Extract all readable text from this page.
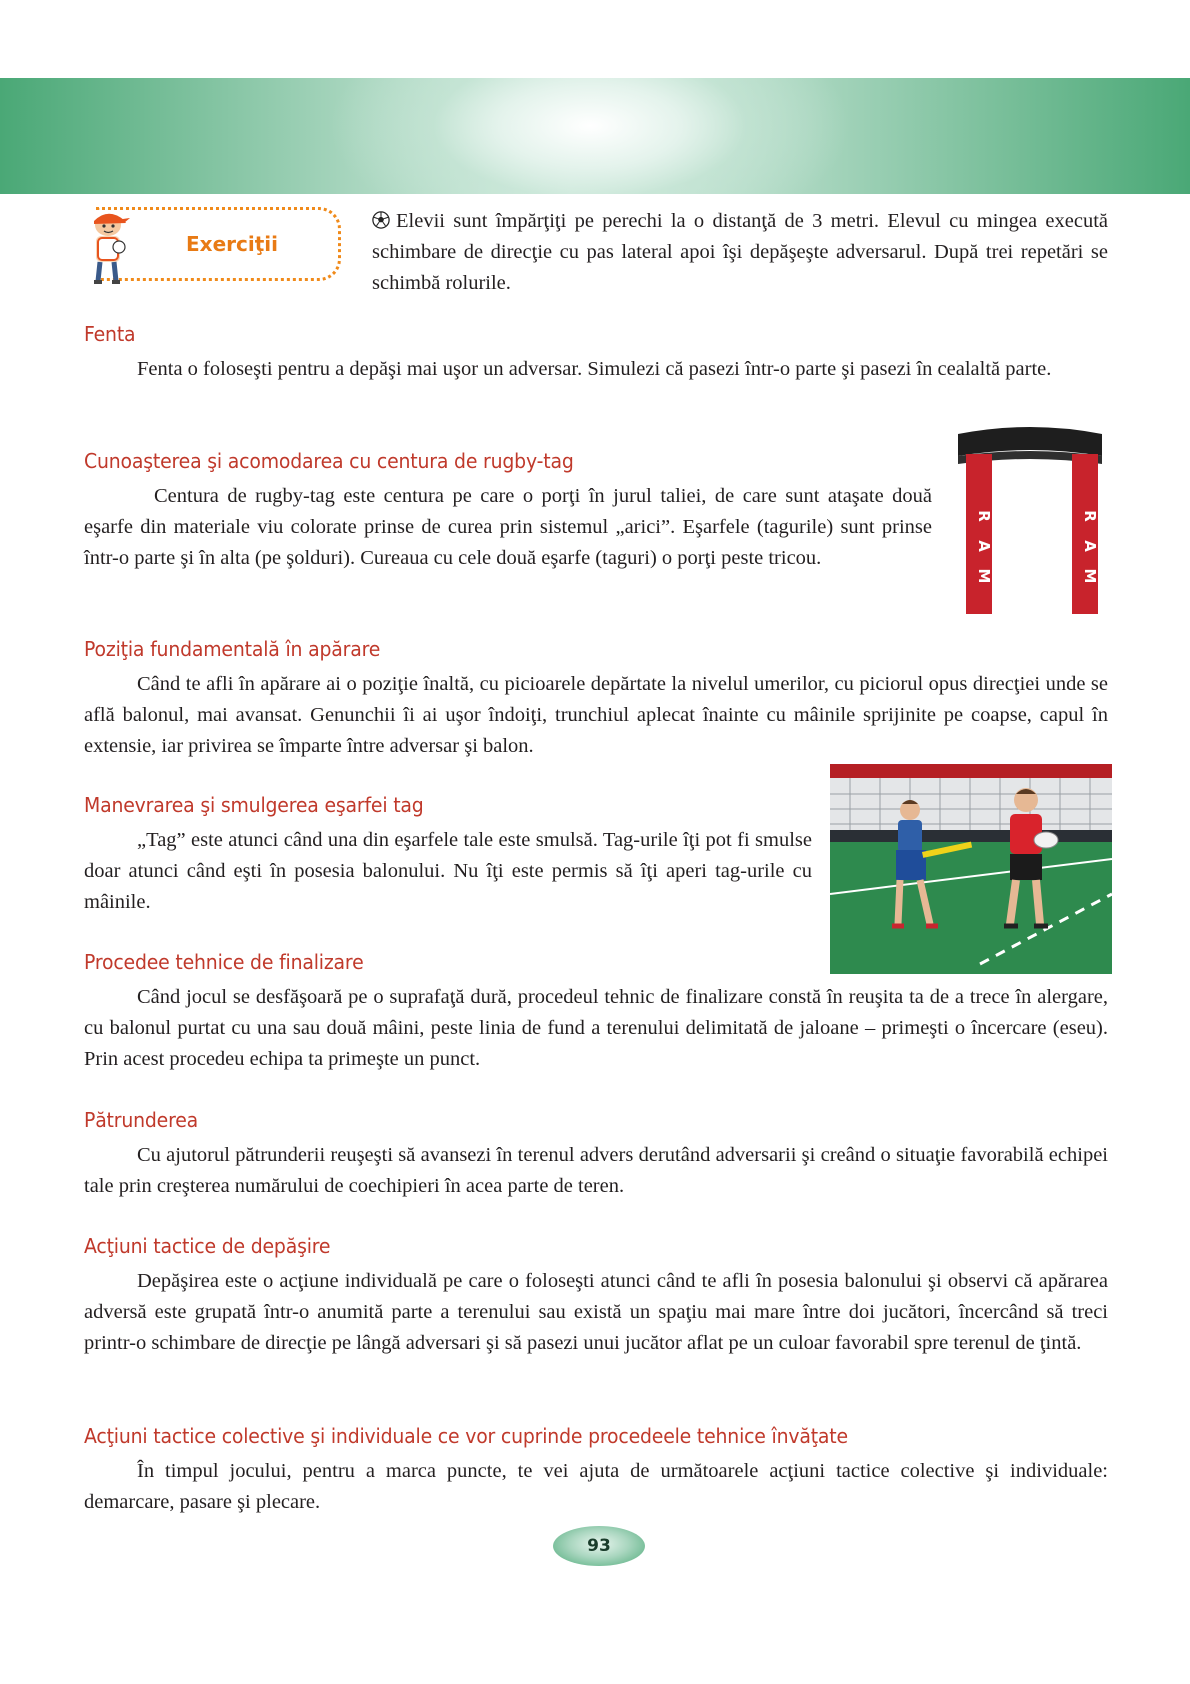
Exerciţii
Elevii sunt împărţiţi pe perechi la o distanţă de 3 metri. Elevul cu mingea execută schimbare de direcţie cu pas lateral apoi îşi depăşeşte adversarul. După trei repetări se schimbă rolurile.
Fenta
Fenta o foloseşti pentru a depăşi mai uşor un adversar. Simulezi că pasezi într-o parte şi pasezi în cealaltă parte.
Cunoaşterea şi acomodarea cu centura de rugby-tag
Centura de rugby-tag este centura pe care o porţi în jurul taliei, de care sunt ataşate două eşarfe din materiale viu colorate prinse de curea prin sistemul „arici”. Eşarfele (tagurile) sunt prinse într-o parte şi în alta (pe şolduri). Cureaua cu cele două eşarfe (taguri) o porţi peste tricou.
R
A
M
R
A
M
Poziţia fundamentală în apărare
Când te afli în apărare ai o poziţie înaltă, cu picioarele depărtate la nivelul umerilor, cu piciorul opus direcţiei unde se află balonul, mai avansat. Genunchii îi ai uşor îndoiţi, trunchiul aplecat înainte cu mâinile sprijinite pe coapse, capul în extensie, iar privirea se împarte între adversar şi balon.
Manevrarea şi smulgerea eşarfei tag
„Tag” este atunci când una din eşarfele tale este smulsă. Tag-urile îţi pot fi smulse doar atunci când eşti în posesia balonului. Nu îţi este permis să îţi aperi tag-urile cu mâinile.
Procedee tehnice de finalizare
Când jocul se desfăşoară pe o suprafaţă dură, procedeul tehnic de finalizare constă în reuşita ta de a trece în alergare, cu balonul purtat cu una sau două mâini, peste linia de fund a terenului delimitată de jaloane – primeşti o încercare (eseu). Prin acest procedeu echipa ta primeşte un punct.
Pătrunderea
Cu ajutorul pătrunderii reuşeşti să avansezi în terenul advers derutând adversarii şi creând o situaţie favorabilă echipei tale prin creşterea numărului de coechipieri în acea parte de teren.
Acţiuni tactice de depăşire
Depăşirea este o acţiune individuală pe care o foloseşti atunci când te afli în posesia balonului şi observi că apărarea adversă este grupată într-o anumită parte a terenului sau există un spaţiu mai mare între doi jucători, încercând să treci printr-o schimbare de direcţie pe lângă adversari şi să pasezi unui jucător aflat pe un culoar favorabil spre terenul de ţintă.
Acţiuni tactice colective şi individuale ce vor cuprinde procedeele tehnice învăţate
În timpul jocului, pentru a marca puncte, te vei ajuta de următoarele acţiuni tactice colective şi individuale: demarcare, pasare şi plecare.
93
